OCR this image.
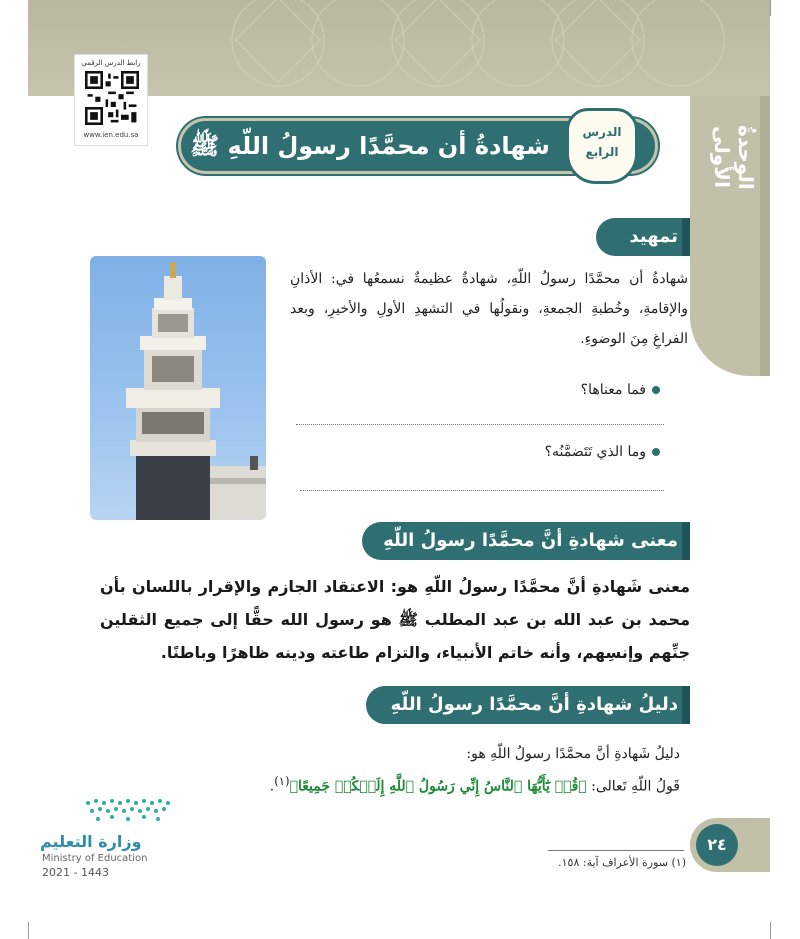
الوحدةُ الأولى
رابط الدرس الرقمي
www.ien.edu.sa	شهادةُ أن محمَّدًا رسولُ اللّهِ ﷺ	الدرس
الرابع
تمهيد
شهادةُ أن محمَّدًا رسولُ اللّهِ، شهادةٌ عظيمةٌ نسمعُها في: الأذانِ والإقامةِ، وخُطبةِ الجمعةِ، ونقولُها في التشهدِ الأولِ والأخيرِ، وبعد الفراغِ مِنَ الوضوءِ.
فما معناها؟
وما الذي تَتَضمَّنُه؟
معنى شهادةِ أنَّ محمَّدًا رسولُ اللّهِ
معنى شَهادةِ أنَّ محمَّدًا رسولُ اللّهِ هو: الاعتقاد الجازم والإقرار باللسان بأن محمد بن عبد الله بن عبد المطلب ﷺ هو رسول الله حقًّا إلى جميع الثقلين جنِّهم وإنسِهم، وأنه خاتم الأنبياء، والتزام طاعته ودينه ظاهرًا وباطنًا.
دليلُ شهادةِ أنَّ محمَّدًا رسولُ اللّهِ
دليلُ شَهادةِ أنَّ محمَّدًا رسولُ اللّهِ هو:
قَولُ اللّهِ تَعالى: ﴿قُلۡ يَٰٓأَيُّهَا ٱلنَّاسُ إِنِّي رَسُولُ ٱللَّهِ إِلَيۡكُمۡ جَمِيعًا﴾$^{(١)}$.
وزارة التعليم
Ministry of Education
2021 - 1443
(١) سورة الأعراف آية: ١٥٨.
٢٤
